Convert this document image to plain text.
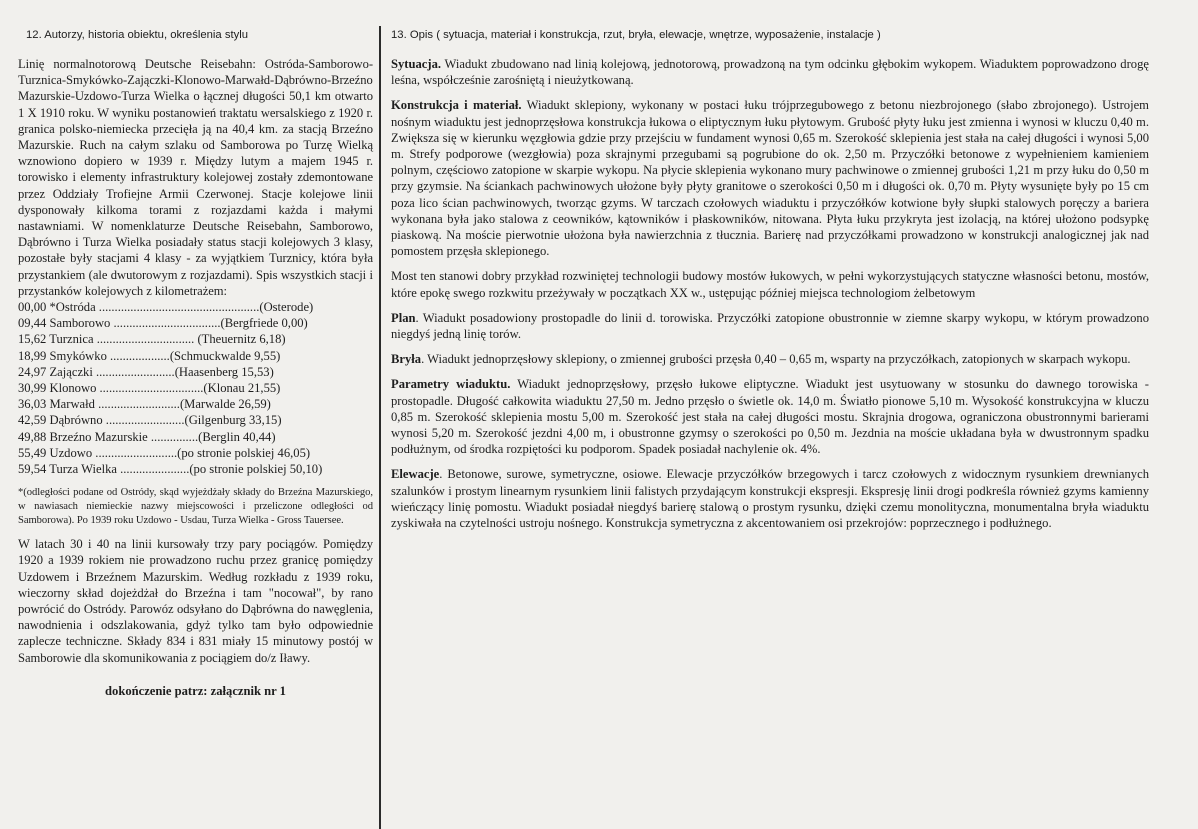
12. Autorzy, historia obiektu, określenia stylu

Linię normalnotorową Deutsche Reisebahn: Ostróda-Samborowo-Turznica-Smykówko-Zajączki-Klonowo-Marwałd-Dąbrówno-Brzeźno Mazurskie-Uzdowo-Turza Wielka o łącznej długości 50,1 km otwarto 1 X 1910 roku. W wyniku postanowień traktatu wersalskiego z 1920 r. granica polsko-niemiecka przecięła ją na 40,4 km. za stacją Brzeźno Mazurskie. Ruch na całym szlaku od Samborowa po Turzę Wielką wznowiono dopiero w 1939 r. Między lutym a majem 1945 r. torowisko i elementy infrastruktury kolejowej zostały zdemontowane przez Oddziały Trofiejne Armii Czerwonej. Stacje kolejowe linii dysponowały kilkoma torami z rozjazdami każda i małymi nastawniami. W nomenklaturze Deutsche Reisebahn, Samborowo, Dąbrówno i Turza Wielka posiadały status stacji kolejowych 3 klasy, pozostałe były stacjami 4 klasy - za wyjątkiem Turznicy, która była przystankiem (ale dwutorowym z rozjazdami). Spis wszystkich stacji i przystanków kolejowych z kilometrażem:

00,00 *Ostróda ...................................................(Osterode)
09,44 Samborowo ..................................(Bergfriede 0,00)
15,62 Turznica ............................... (Theuernitz 6,18)
18,99 Smykówko ...................(Schmuckwalde 9,55)
24,97 Zajączki .........................(Haasenberg 15,53)
30,99 Klonowo .................................(Klonau 21,55)
36,03 Marwałd ..........................(Marwalde 26,59)
42,59 Dąbrówno .........................(Gilgenburg 33,15)
49,88 Brzeźno Mazurskie ...............(Berglin 40,44)
55,49 Uzdowo ..........................(po stronie polskiej 46,05)
59,54 Turza Wielka ......................(po stronie polskiej 50,10)

*(odległości podane od Ostródy, skąd wyjeżdżały składy do Brzeźna Mazurskiego, w nawiasach niemieckie nazwy miejscowości i przeliczone odległości od Samborowa). Po 1939 roku Uzdowo - Usdau, Turza Wielka - Gross Tauersee.

W latach 30 i 40 na linii kursowały trzy pary pociągów. Pomiędzy 1920 a 1939 rokiem nie prowadzono ruchu przez granicę pomiędzy Uzdowem i Brzeźnem Mazurskim. Według rozkładu z 1939 roku, wieczorny skład dojeżdżał do Brzeźna i tam "nocował", by rano powrócić do Ostródy. Parowóz odsyłano do Dąbrówna do nawęglenia, nawodnienia i odszlakowania, gdyż tylko tam było odpowiednie zaplecze techniczne. Składy 834 i 831 miały 15 minutowy postój w Samborowie dla skomunikowania z pociągiem do/z Iławy.

dokończenie patrz: załącznik nr 1
13. Opis ( sytuacja, materiał i konstrukcja, rzut, bryła, elewacje, wnętrze, wyposażenie, instalacje )

Sytuacja. Wiadukt zbudowano nad linią kolejową, jednotorową, prowadzoną na tym odcinku głębokim wykopem. Wiaduktem poprowadzono drogę leśna, współcześnie zarośniętą i nieużytkowaną.

Konstrukcja i materiał. Wiadukt sklepiony, wykonany w postaci łuku trójprzegubowego z betonu niezbrojonego (słabo zbrojonego). Ustrojem nośnym wiaduktu jest jednoprzęsłowa konstrukcja łukowa o eliptycznym łuku płytowym. Grubość płyty łuku jest zmienna i wynosi w kluczu 0,40 m. Zwiększa się w kierunku węzgłowia gdzie przy przejściu w fundament wynosi 0,65 m. Szerokość sklepienia jest stała na całej długości i wynosi 5,00 m. Strefy podporowe (wezgłowia) poza skrajnymi przegubami są pogrubione do ok. 2,50 m. Przyczółki betonowe z wypełnieniem kamieniem polnym, częściowo zatopione w skarpie wykopu. Na płycie sklepienia wykonano mury pachwinowe o zmiennej grubości 1,21 m przy łuku do 0,50 m przy gzymsie. Na ściankach pachwinowych ułożone były płyty granitowe o szerokości 0,50 m i długości ok. 0,70 m. Płyty wysunięte były po 15 cm poza lico ścian pachwinowych, tworząc gzyms. W tarczach czołowych wiaduktu i przyczółków kotwione były słupki stalowych poręczy a bariera wykonana była jako stalowa z ceowników, kątowników i płaskowników, nitowana. Płyta łuku przykryta jest izolacją, na której ułożono podsypkę piaskową. Na moście pierwotnie ułożona była nawierzchnia z tłucznia. Barierę nad przyczółkami prowadzono w konstrukcji analogicznej jak nad pomostem przęsła sklepionego.

Most ten stanowi dobry przykład rozwiniętej technologii budowy mostów łukowych, w pełni wykorzystujących statyczne własności betonu, mostów, które epokę swego rozkwitu przeżywały w początkach XX w., ustępując później miejsca technologiom żelbetowym

Plan. Wiadukt posadowiony prostopadle do linii d. torowiska. Przyczółki zatopione obustronnie w ziemne skarpy wykopu, w którym prowadzono niegdyś jedną linię torów.

Bryła. Wiadukt jednoprzęsłowy sklepiony, o zmiennej grubości przęsła 0,40 – 0,65 m, wsparty na przyczółkach, zatopionych w skarpach wykopu.

Parametry wiaduktu. Wiadukt jednoprzęsłowy, przęsło łukowe eliptyczne. Wiadukt jest usytuowany w stosunku do dawnego torowiska - prostopadle. Długość całkowita wiaduktu 27,50 m. Jedno przęsło o świetle ok. 14,0 m. Światło pionowe 5,10 m. Wysokość konstrukcyjna w kluczu 0,85 m. Szerokość sklepienia mostu 5,00 m. Szerokość jest stała na całej długości mostu. Skrajnia drogowa, ograniczona obustronnymi barierami wynosi 5,20 m. Szerokość jezdni 4,00 m, i obustronne gzymsy o szerokości po 0,50 m. Jezdnia na moście układana była w dwustronnym spadku podłużnym, od środka rozpiętości ku podporom. Spadek posiadał nachylenie ok. 4%.

Elewacje. Betonowe, surowe, symetryczne, osiowe. Elewacje przyczółków brzegowych i tarcz czołowych z widocznym rysunkiem drewnianych szalunków i prostym linearnym rysunkiem linii falistych przydającym konstrukcji ekspresji. Ekspresję linii drogi podkreśla również gzyms kamienny wieńczący linię pomostu. Wiadukt posiadał niegdyś barierę stalową o prostym rysunku, dzięki czemu monolityczna, monumentalna bryła wiaduktu zyskiwała na czytelności ustroju nośnego. Konstrukcja symetryczna z akcentowaniem osi przekrojów: poprzecznego i podłużnego.
